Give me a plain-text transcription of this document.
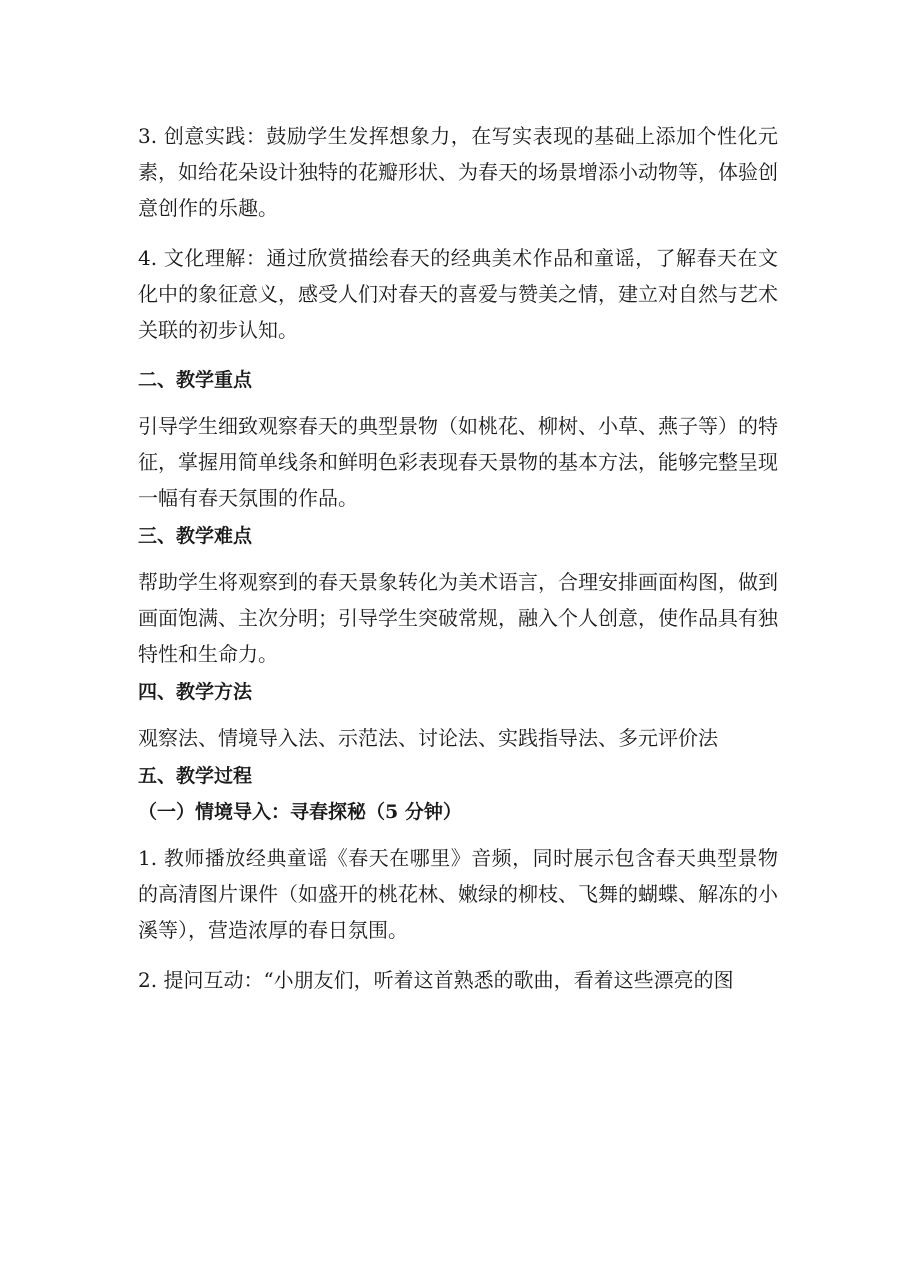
3. 创意实践：鼓励学生发挥想象力，在写实表现的基础上添加个性化元素，如给花朵设计独特的花瓣形状、为春天的场景增添小动物等，体验创意创作的乐趣。

4. 文化理解：通过欣赏描绘春天的经典美术作品和童谣，了解春天在文化中的象征意义，感受人们对春天的喜爱与赞美之情，建立对自然与艺术关联的初步认知。

二、教学重点

引导学生细致观察春天的典型景物（如桃花、柳树、小草、燕子等）的特征，掌握用简单线条和鲜明色彩表现春天景物的基本方法，能够完整呈现一幅有春天氛围的作品。

三、教学难点

帮助学生将观察到的春天景象转化为美术语言，合理安排画面构图，做到画面饱满、主次分明；引导学生突破常规，融入个人创意，使作品具有独特性和生命力。

四、教学方法

观察法、情境导入法、示范法、讨论法、实践指导法、多元评价法

五、教学过程
（一）情境导入：寻春探秘（5 分钟）

1. 教师播放经典童谣《春天在哪里》音频，同时展示包含春天典型景物的高清图片课件（如盛开的桃花林、嫩绿的柳枝、飞舞的蝴蝶、解冻的小溪等），营造浓厚的春日氛围。

2. 提问互动：“小朋友们，听着这首熟悉的歌曲，看着这些漂亮的图
